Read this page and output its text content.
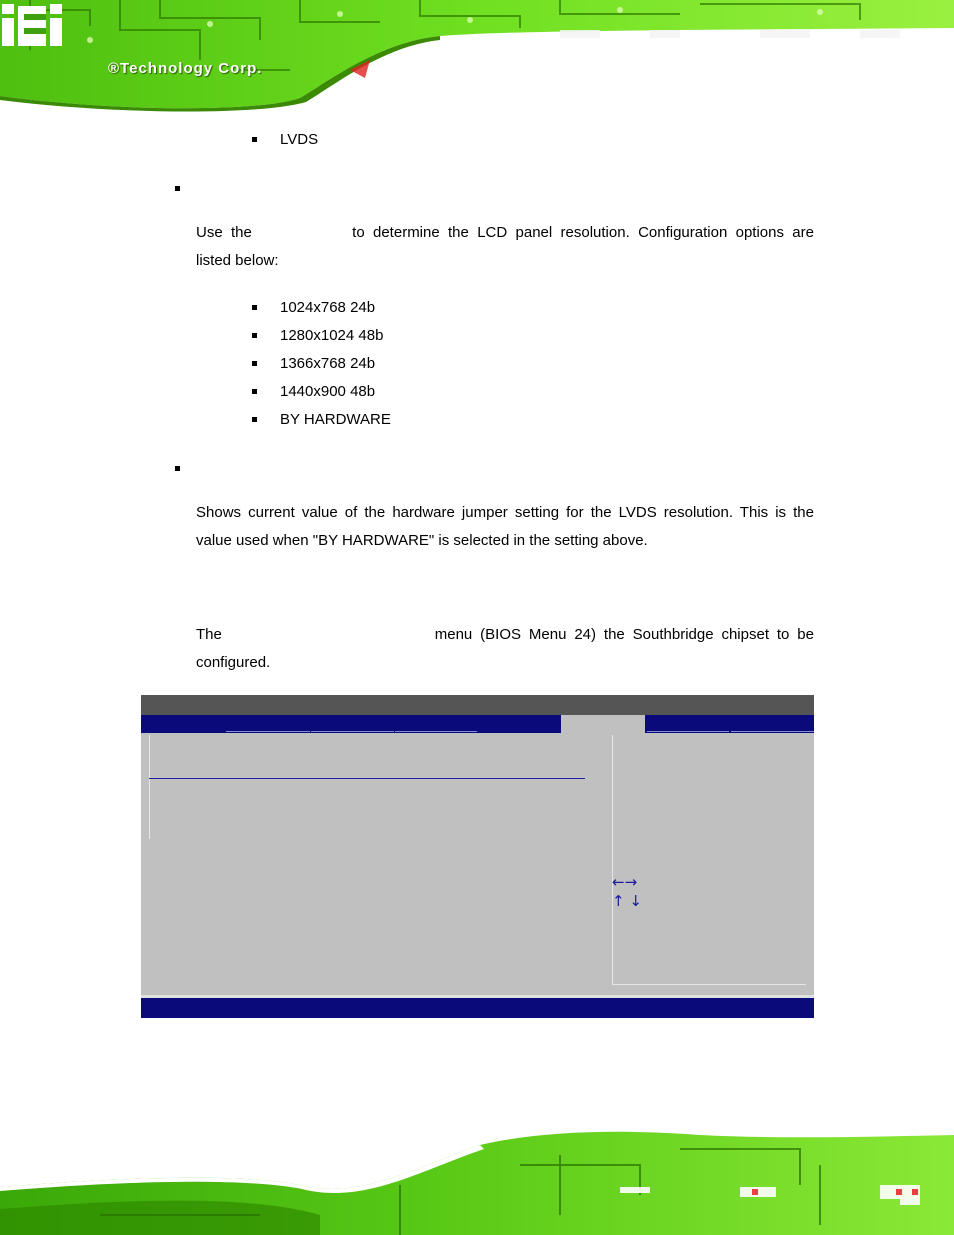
®Technology Corp.
LVDS
Use the	to determine the LCD panel resolution. Configuration options are
listed below:
1024x768 24b
1280x1024 48b
1366x768 24b
1440x900 48b
BY HARDWARE
Shows current value of the hardware jumper setting for the LVDS resolution. This is the
value used when "BY HARDWARE" is selected in the setting above.
The	menu (BIOS Menu 24) the Southbridge chipset to be
configured.
←→
↑ ↓
